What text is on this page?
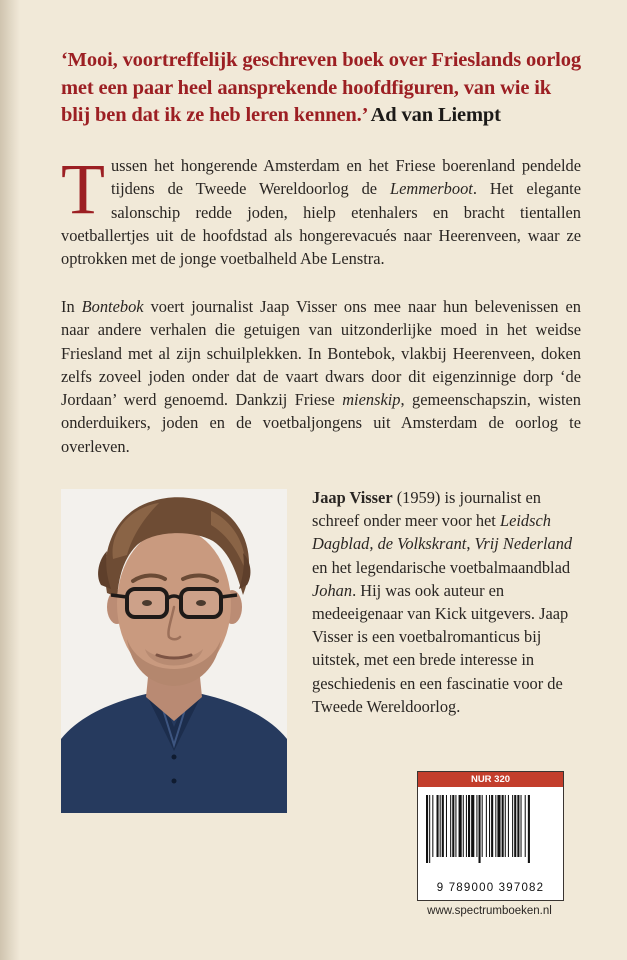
‘Mooi, voortreffelijk geschreven boek over Frieslands oorlog met een paar heel aansprekende hoofdfiguren, van wie ik blij ben dat ik ze heb leren kennen.’ Ad van Liempt

Tussen het hongerende Amsterdam en het Friese boerenland pendelde tijdens de Tweede Wereldoorlog de Lemmerboot. Het elegante salonschip redde joden, hielp etenhalers en bracht tientallen voetballertjes uit de hoofdstad als hongerevacués naar Heerenveen, waar ze optrokken met de jonge voetbalheld Abe Lenstra.

In Bontebok voert journalist Jaap Visser ons mee naar hun belevenissen en naar andere verhalen die getuigen van uitzonderlijke moed in het weidse Friesland met al zijn schuilplekken. In Bontebok, vlakbij Heerenveen, doken zelfs zoveel joden onder dat de vaart dwars door dit eigenzinnige dorp ‘de Jordaan’ werd genoemd. Dankzij Friese mienskip, gemeenschapszin, wisten onderduikers, joden en de voetbaljongens uit Amsterdam de oorlog te overleven.

Jaap Visser (1959) is journalist en schreef onder meer voor het Leidsch Dagblad, de Volkskrant, Vrij Nederland en het legendarische voetbalmaandblad Johan. Hij was ook auteur en medeeigenaar van Kick uitgevers. Jaap Visser is een voetbalromanticus bij uitstek, met een brede interesse in geschiedenis en een fascinatie voor de Tweede Wereldoorlog.

NUR 320
9 789000 397082
www.spectrumboeken.nl
